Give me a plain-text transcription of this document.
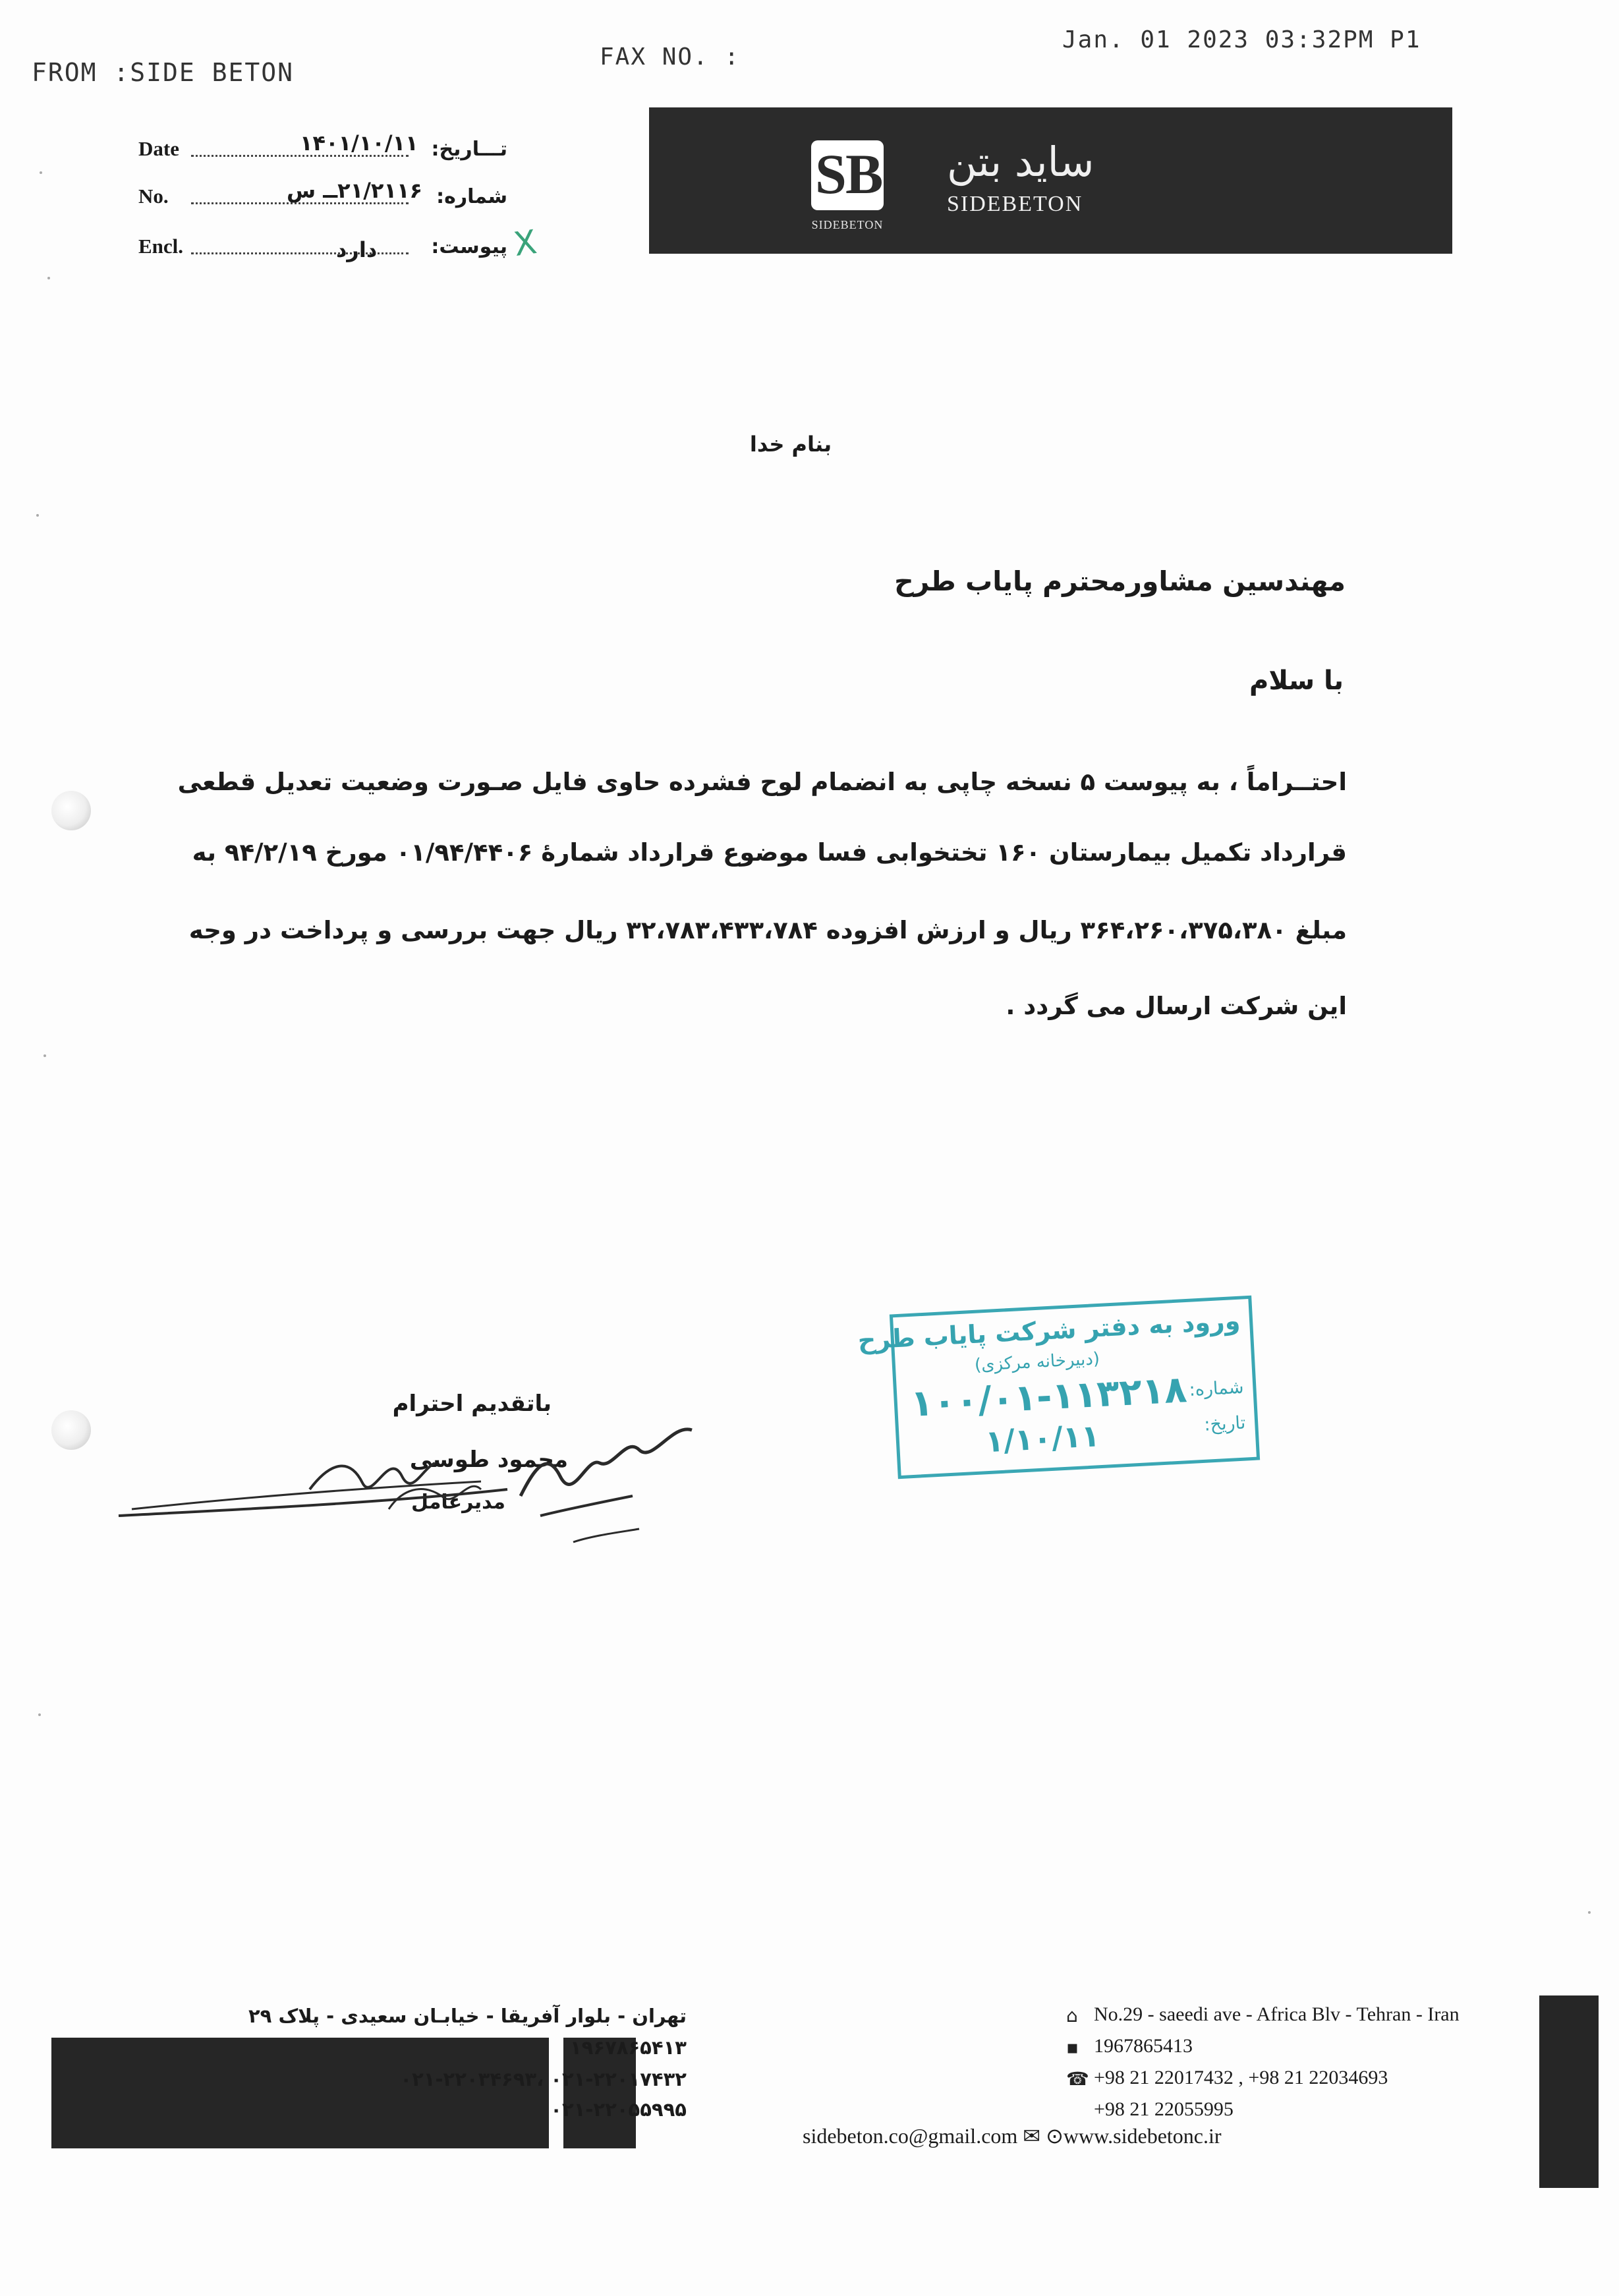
FROM :SIDE BETON
FAX NO. :
Jan. 01 2023 03:32PM P1
Date	۱۴۰۱/۱۰/۱۱ تـــاریخ:
No.	۲۱/۲۱۱۶ــ س شماره:
Encl.	دارد	پیوست: X
S
B
SIDEBETON
ساید بتن
SIDEBETON
بنام خدا
مهندسین مشاورمحترم پایاب طرح
با سلام
احتــراماً ، به پیوست ۵ نسخه چاپی به انضمام لوح فشرده حاوی فایل صـورت وضعیت تعدیل قطعی
قرارداد تکمیل بیمارستان ۱۶۰ تختخوابی فسا موضوع قرارداد شمارۀ ۰۱/۹۴/۴۴۰۶ مورخ ۹۴/۲/۱۹ به
مبلغ ۳۶۴،۲۶۰،۳۷۵،۳۸۰ ریال و ارزش افزوده ۳۲،۷۸۳،۴۳۳،۷۸۴ ریال جهت بررسی و پرداخت در وجه
این شرکت ارسال می گردد .
باتقدیم احترام
محمود طوسی
مدیرعامل
ورود به دفتر شرکت پایاب طرح
(دبیرخانه مرکزی)
شماره:
۱۰۰/۰۱-۱۱۳۲۱۸ تاریخ:
۱/۱۰/۱۱
تهران - بلوار آفریقا - خیابـان سعیدی - پلاک ۲۹
۱۹۶۷۸۶۵۴۱۳
۰۲۱-۲۲۰۱۷۴۳۲ ،۰۲۱-۲۲۰۳۴۶۹۳
۰۲۱-۲۲۰۵۵۹۹۵
⌂
▪
☎
No.29 - saeedi ave - Africa Blv - Tehran - Iran
1967865413
+98 21 22017432 , +98 21 22034693
+98 21 22055995
sidebeton.co@gmail.com ✉ ⊙www.sidebetonc.ir
